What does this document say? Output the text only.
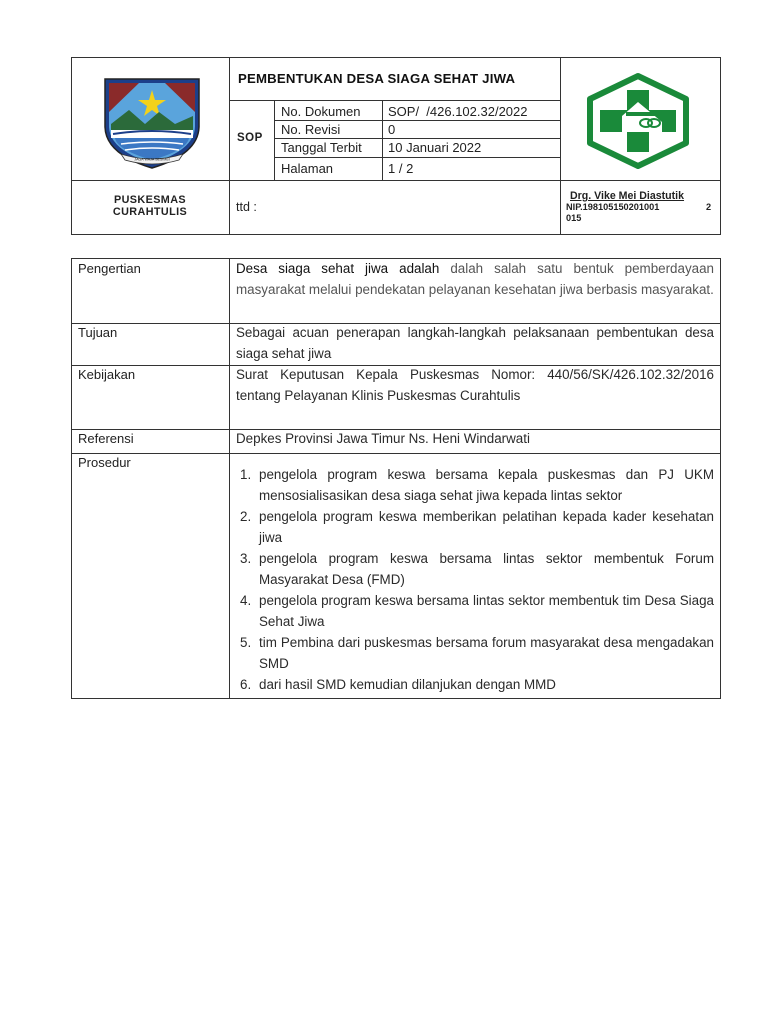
JAGA WAJA SESIMBI
PEMBENTUKAN DESA SIAGA SEHAT JIWA
SOP
No. Dokumen SOP/  /426.102.32/2022
No. Revisi	0
Tanggal Terbit 10 Januari 2022
Halaman	1 / 2
PUSKESMAS
CURAHTULIS	ttd :
Drg. Vike Mei Diastutik
NIP.198105150201001	2
015
Pengertian	Desa siaga sehat jiwa adalah dalah salah satu bentuk pemberdayaan masyarakat melalui pendekatan pelayanan kesehatan jiwa berbasis masyarakat.
Tujuan	Sebagai acuan penerapan langkah-langkah pelaksanaan pembentukan desa siaga sehat jiwa
Kebijakan	Surat Keputusan Kepala Puskesmas Nomor: 440/56/SK/426.102.32/2016 tentang Pelayanan Klinis Puskesmas Curahtulis
Referensi	Depkes Provinsi Jawa Timur Ns. Heni Windarwati
Prosedur
1. pengelola program keswa bersama kepala puskesmas dan PJ UKM mensosialisasikan desa siaga sehat jiwa kepada lintas sektor
2. pengelola program keswa memberikan pelatihan kepada kader kesehatan jiwa
3. pengelola program keswa bersama lintas sektor membentuk Forum Masyarakat Desa (FMD)
4. pengelola program keswa bersama lintas sektor membentuk tim Desa Siaga Sehat Jiwa
5. tim Pembina dari puskesmas bersama forum masyarakat desa mengadakan SMD
6. dari hasil SMD kemudian dilanjukan dengan MMD
